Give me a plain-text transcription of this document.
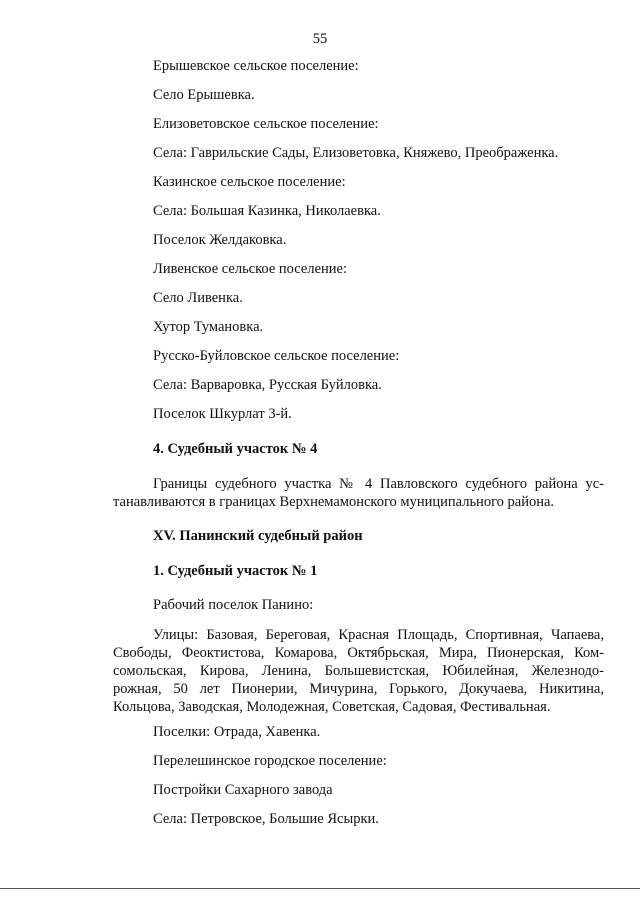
55
Ерышевское сельское поселение:
Село Ерышевка.
Елизоветовское сельское поселение:
Села: Гаврильские Сады, Елизоветовка, Княжево, Преображенка.
Казинское сельское поселение:
Села: Большая Казинка, Николаевка.
Поселок Желдаковка.
Ливенское сельское поселение:
Село Ливенка.
Хутор Тумановка.
Русско-Буйловское сельское поселение:
Села: Варваровка, Русская Буйловка.
Поселок Шкурлат 3-й.
4. Судебный участок № 4
Границы судебного участка № 4 Павловского судебного района ус-
танавливаются в границах Верхнемамонского муниципального района.
XV. Панинский судебный район
1. Судебный участок № 1
Рабочий поселок Панино:
Улицы: Базовая, Береговая, Красная Площадь, Спортивная, Чапаева,
Свободы, Феоктистова, Комарова, Октябрьская, Мира, Пионерская, Ком-
сомольская, Кирова, Ленина, Большевистская, Юбилейная, Железнодо-
рожная, 50 лет Пионерии, Мичурина, Горького, Докучаева, Никитина,
Кольцова, Заводская, Молодежная, Советская, Садовая, Фестивальная.
Поселки: Отрада, Хавенка.
Перелешинское городское поселение:
Постройки Сахарного завода
Села: Петровское, Большие Ясырки.
